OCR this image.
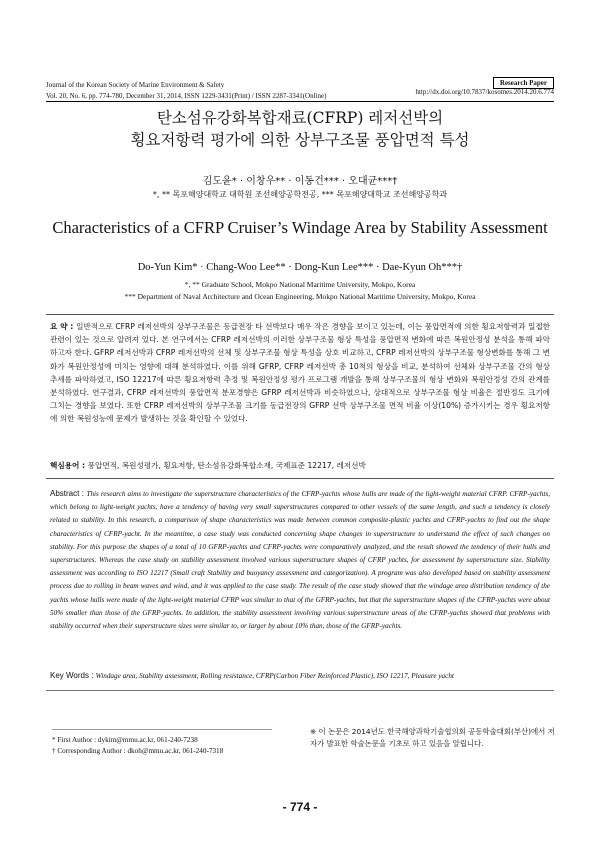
Journal of the Korean Society of Marine Environment & Safety
Vol. 20, No. 6, pp. 774-780, December 31, 2014, ISSN 1229-3431(Print) / ISSN 2287-3341(Online)
Research Paper
http://dx.doi.org/10.7837/kosomes.2014.20.6.774
탄소섬유강화복합재료(CFRP) 레저선박의
횡요저항력 평가에 의한 상부구조물 풍압면적 특성
김도윤* · 이창우** · 이동건*** · 오대균***†
*, ** 목포해양대학교 대학원 조선해양공학전공, *** 목포해양대학교 조선해양공학과
Characteristics of a CFRP Cruiser’s Windage Area by Stability Assessment
Do-Yun Kim* · Chang-Woo Lee** · Dong-Kun Lee*** · Dae-Kyun Oh***†
*, ** Graduate School, Mokpo National Maritime University, Mokpo, Korea
*** Department of Naval Architecture and Ocean Engineering, Mokpo National Maritime University, Mokpo, Korea
요 약 : 일반적으로 CFRP 레저선박의 상부구조물은 동급전장 타 선박보다 매우 작은 경향을 보이고 있는데, 이는 풍압면적에 의한 횡요저항력과 밀접한 관련이 있는 것으로 알려져 있다. 본 연구에서는 CFRP 레저선박의 이러한 상부구조물 형상 특성을 풍압면적 변화에 따른 복원안정성 분석을 통해 파악하고자 한다. GFRP 레저선박과 CFRP 레저선박의 선체 및 상부구조물 형상 특성을 상호 비교하고, CFRP 레저선박의 상부구조물 형상변화를 통해 그 변화가 복원안정성에 미치는 영향에 대해 분석하였다. 이를 위해 GFRP, CFRP 레저선박 총 10척의 형상을 비교, 분석하여 선체와 상부구조물 간의 형상 추세를 파악하였고, ISO 12217에 따른 횡요저항력 추정 및 복원안정성 평가 프로그램 개발을 통해 상부구조물의 형상 변화와 복원안정성 간의 관계를 분석하였다. 연구결과, CFRP 레저선박의 풍압면적 분포경향은 GFRP 레저선박과 비슷하였으나, 상대적으로 상부구조물 형상 비율은 절반정도 크기에 그치는 경향을 보였다. 또한 CFRP 레저선박의 상부구조물 크기를 동급전장의 GFRP 선박 상부구조물 면적 비율 이상(10%) 증가시키는 경우 횡요저항에 의한 복원성능에 문제가 발생하는 것을 확인할 수 있었다.
핵심용어 : 풍압면적, 복원성평가, 횡요저항, 탄소섬유강화복합소재, 국제표준 12217, 레저선박
Abstract : This research aims to investigate the superstructure characteristics of the CFRP-yachts whose hulls are made of the light-weight material CFRP. CFRP-yachts, which belong to light-weight yachts, have a tendency of having very small superstructures compared to other vessels of the same length, and such a tendency is closely related to stability. In this research, a comparison of shape characteristics was made between common composite-plastic yachts and CFRP-yachts to find out the shape characteristics of CFRP-yacht. In the meantime, a case study was conducted concerning shape changes in superstructure to understand the effect of such changes on stability. For this purpose the shapes of a total of 10 GFRP-yachts and CFRP-yachts were comparatively analyzed, and the result showed the tendency of their hulls and superstructures. Whereas the case study on stability assessment involved various superstructure shapes of CFRP yachts, for assessment by superstructure size. Stability assessment was according to ISO 12217 (Small craft Stability and buoyancy assessment and categorization). A program was also developed based on stability assessment process due to rolling in beam waves and wind, and it was applied to the case study. The result of the case study showed that the windage area distribution tendency of the yachts whose hulls were made of the light-weight material CFRP was similar to that of the GFRP-yachts, but that the superstructure shapes of the CFRP-yachts were about 50% smaller than those of the GFRP-yachts. In addition, the stability assessment involving various superstructure areas of the CFRP-yachts showed that problems with stability occurred when their superstructure sizes were similar to, or larger by about 10% than, those of the GFRP-yachts.
Key Words : Windage area, Stability assessment, Rolling resistance, CFRP(Carbon Fiber Reinforced Plastic), ISO 12217, Pleasure yacht
* First Author : dykim@mmu.ac.kr, 061-240-7238
† Corresponding Author : dkoh@mmu.ac.kr, 061-240-7318
※ 이 논문은 2014년도 한국해양과학기술협의회 공동학술대회(부산)에서 저자가 발표한 학술논문을 기초로 하고 있음을 알립니다.
- 774 -
